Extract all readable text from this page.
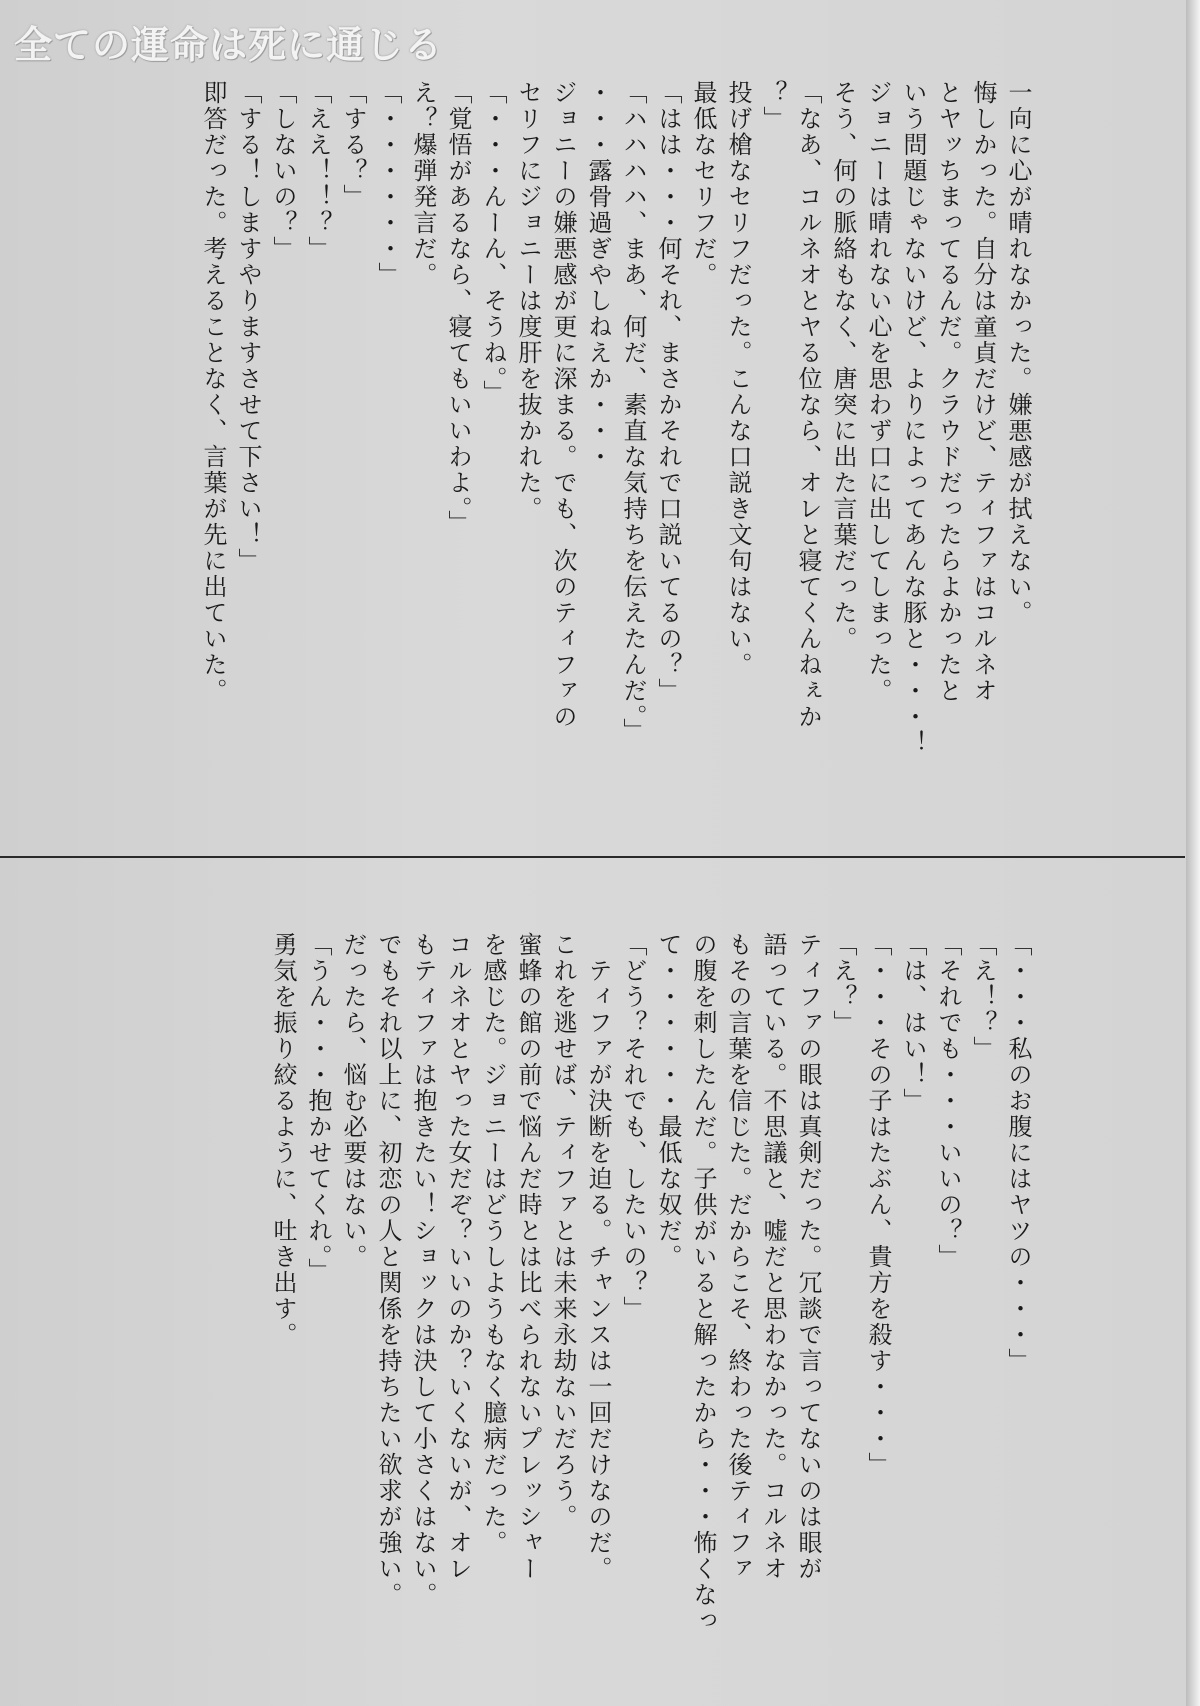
全ての運命は死に通じる

一向に心が晴れなかった。嫌悪感が拭えない。

悔しかった。自分は童貞だけど、ティファはコルネオ

とヤッちまってるんだ。クラウドだったらよかったと

いう問題じゃないけど、よりによってあんな豚と・・・！

ジョニーは晴れない心を思わず口に出してしまった。

そう、何の脈絡もなく、唐突に出た言葉だった。

「なあ、コルネオとヤる位なら、オレと寝てくんねぇか

？」

投げ槍なセリフだった。こんな口説き文句はない。

最低なセリフだ。

「はは・・・何それ、まさかそれで口説いてるの？」

「ハハハハ、まあ、何だ、素直な気持ちを伝えたんだ。」

・・・露骨過ぎやしねえか・・・

ジョニーの嫌悪感が更に深まる。でも、次のティファの

セリフにジョニーは度肝を抜かれた。

「・・・んーん、そうね。」

「覚悟があるなら、寝てもいいわよ。」

え？爆弾発言だ。

「・・・・・・」

「する？」

「ええ！！？」

「しないの？」

「する！しますやりますさせて下さい！」

即答だった。考えることなく、言葉が先に出ていた。

「・・・私のお腹にはヤツの・・・」

「え！？」

「それでも・・・いいの？」

「は、はい！」

「・・・その子はたぶん、貴方を殺す・・・」

「え？」

ティファの眼は真剣だった。冗談で言ってないのは眼が

語っている。不思議と、嘘だと思わなかった。コルネオ

もその言葉を信じた。だからこそ、終わった後ティファ

の腹を刺したんだ。子供がいると解ったから・・・怖くなっ

て・・・・・・最低な奴だ。

「どう？それでも、したいの？」

　ティファが決断を迫る。チャンスは一回だけなのだ。

これを逃せば、ティファとは未来永劫ないだろう。

蜜蜂の館の前で悩んだ時とは比べられないプレッシャー

を感じた。ジョニーはどうしようもなく臆病だった。

コルネオとヤった女だぞ？いいのか？いくないが、オレ

もティファは抱きたい！ショックは決して小さくはない。

でもそれ以上に、初恋の人と関係を持ちたい欲求が強い。

だったら、悩む必要はない。

「うん・・・抱かせてくれ。」

勇気を振り絞るように、吐き出す。
